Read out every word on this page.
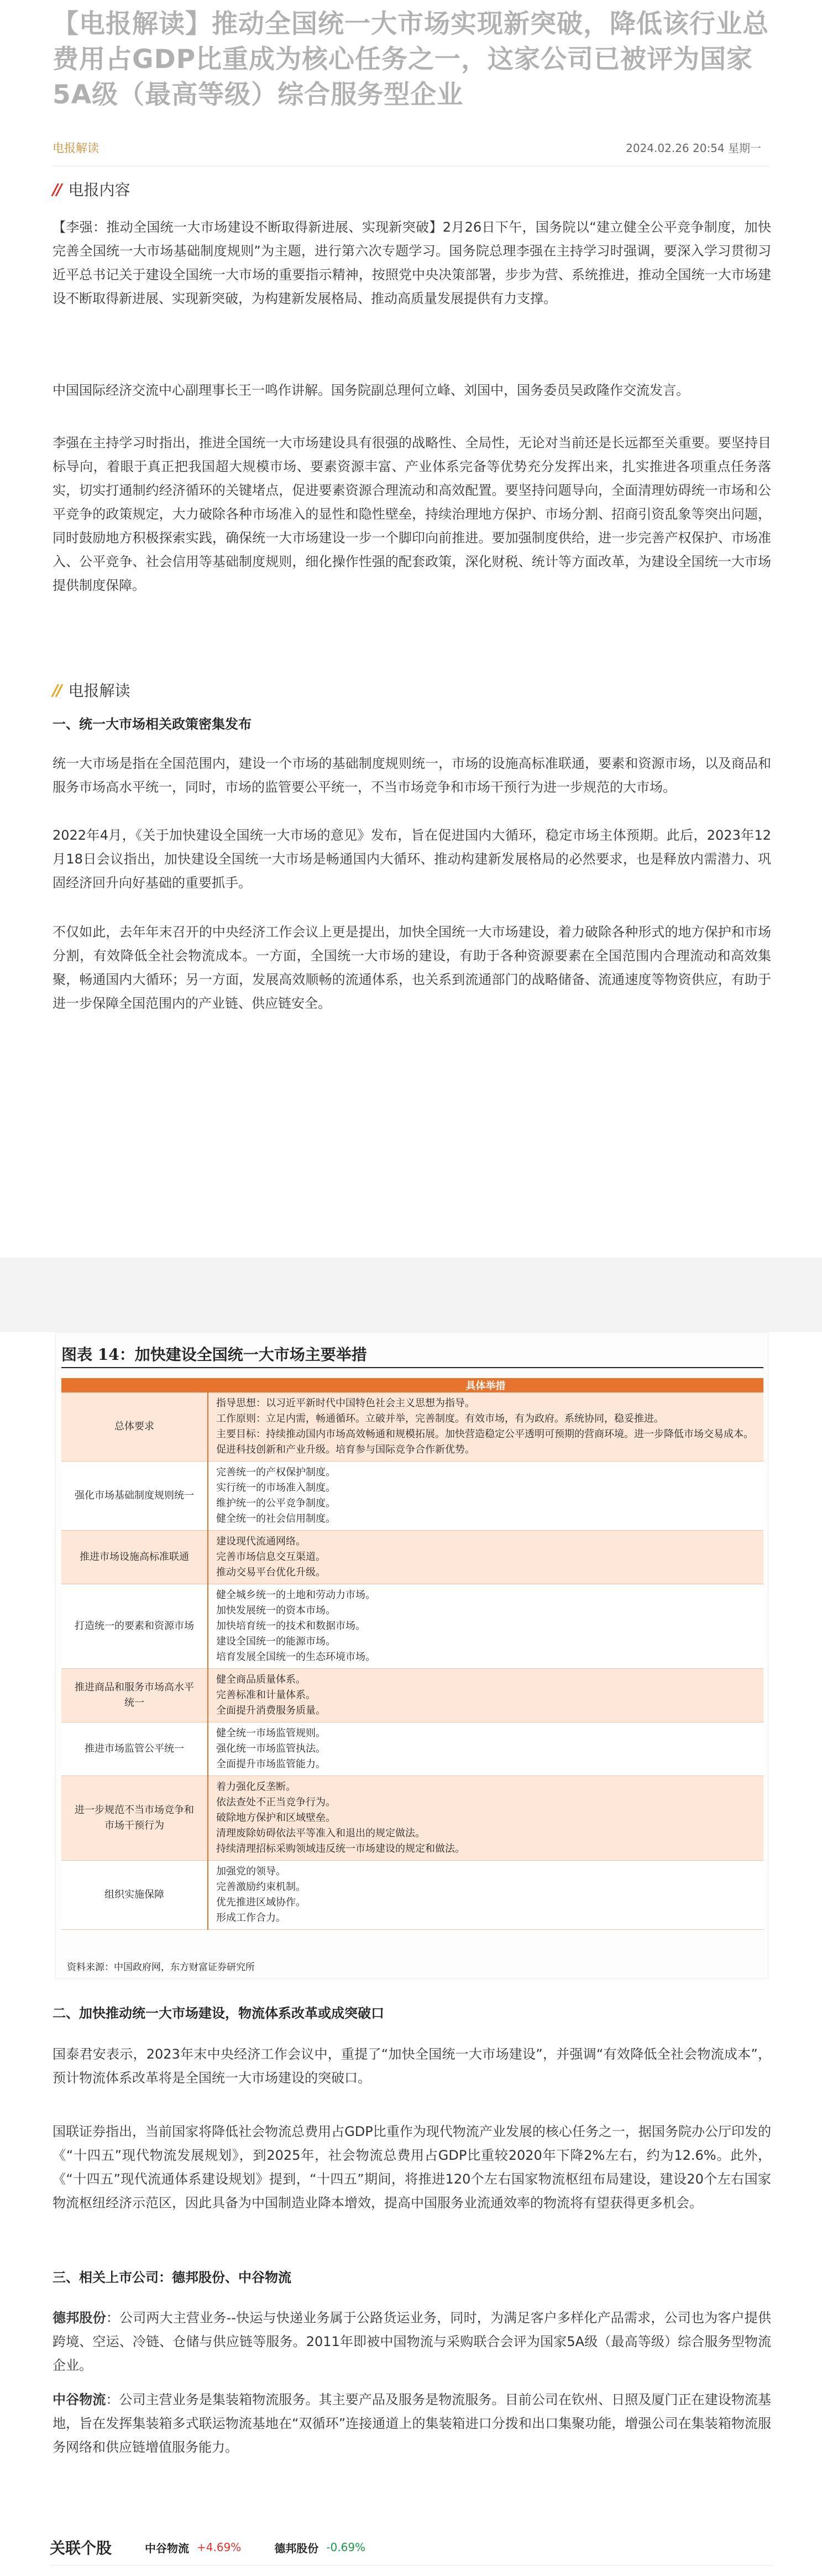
【电报解读】推动全国统一大市场实现新突破，降低该行业总费用占GDP比重成为核心任务之一，这家公司已被评为国家5A级（最高等级）综合服务型企业
电报解读	2024.02.26 20:54 星期一
// 电报内容

【李强：推动全国统一大市场建设不断取得新进展、实现新突破】2月26日下午，国务院以“建立健全公平竞争制度，加快完善全国统一大市场基础制度规则”为主题，进行第六次专题学习。国务院总理李强在主持学习时强调，要深入学习贯彻习近平总书记关于建设全国统一大市场的重要指示精神，按照党中央决策部署，步步为营、系统推进，推动全国统一大市场建设不断取得新进展、实现新突破，为构建新发展格局、推动高质量发展提供有力支撑。

中国国际经济交流中心副理事长王一鸣作讲解。国务院副总理何立峰、刘国中，国务委员吴政隆作交流发言。

李强在主持学习时指出，推进全国统一大市场建设具有很强的战略性、全局性，无论对当前还是长远都至关重要。要坚持目标导向，着眼于真正把我国超大规模市场、要素资源丰富、产业体系完备等优势充分发挥出来，扎实推进各项重点任务落实，切实打通制约经济循环的关键堵点，促进要素资源合理流动和高效配置。要坚持问题导向，全面清理妨碍统一市场和公平竞争的政策规定，大力破除各种市场准入的显性和隐性壁垒，持续治理地方保护、市场分割、招商引资乱象等突出问题，同时鼓励地方积极探索实践，确保统一大市场建设一步一个脚印向前推进。要加强制度供给，进一步完善产权保护、市场准入、公平竞争、社会信用等基础制度规则，细化操作性强的配套政策，深化财税、统计等方面改革，为建设全国统一大市场提供制度保障。

// 电报解读
一、统一大市场相关政策密集发布

统一大市场是指在全国范围内，建设一个市场的基础制度规则统一，市场的设施高标准联通，要素和资源市场，以及商品和服务市场高水平统一，同时，市场的监管要公平统一，不当市场竞争和市场干预行为进一步规范的大市场。

2022年4月，《关于加快建设全国统一大市场的意见》发布，旨在促进国内大循环，稳定市场主体预期。此后，2023年12月18日会议指出，加快建设全国统一大市场是畅通国内大循环、推动构建新发展格局的必然要求，也是释放内需潜力、巩固经济回升向好基础的重要抓手。

不仅如此，去年年末召开的中央经济工作会议上更是提出，加快全国统一大市场建设，着力破除各种形式的地方保护和市场分割，有效降低全社会物流成本。一方面，全国统一大市场的建设，有助于各种资源要素在全国范围内合理流动和高效集聚，畅通国内大循环；另一方面，发展高效顺畅的流通体系，也关系到流通部门的战略储备、流通速度等物资供应，有助于进一步保障全国范围内的产业链、供应链安全。

图表 14：加快建设全国统一大市场主要举措
	具体举措
总体要求	指导思想：以习近平新时代中国特色社会主义思想为指导。
工作原则：立足内需，畅通循环。立破并举，完善制度。有效市场，有为政府。系统协同，稳妥推进。
主要目标：持续推动国内市场高效畅通和规模拓展。加快营造稳定公平透明可预期的营商环境。进一步降低市场交易成本。促进科技创新和产业升级。培育参与国际竞争合作新优势。

强化市场基础制度规则统一	完善统一的产权保护制度。
实行统一的市场准入制度。
维护统一的公平竞争制度。
健全统一的社会信用制度。

推进市场设施高标准联通	建设现代流通网络。
完善市场信息交互渠道。
推动交易平台优化升级。

打造统一的要素和资源市场	健全城乡统一的土地和劳动力市场。
加快发展统一的资本市场。
加快培育统一的技术和数据市场。
建设全国统一的能源市场。
培育发展全国统一的生态环境市场。

推进商品和服务市场高水平统一	健全商品质量体系。
完善标准和计量体系。
全面提升消费服务质量。

推进市场监管公平统一	健全统一市场监管规则。
强化统一市场监管执法。
全面提升市场监管能力。

进一步规范不当市场竞争和市场干预行为	着力强化反垄断。
依法查处不正当竞争行为。
破除地方保护和区域壁垒。
清理废除妨碍依法平等准入和退出的规定做法。
持续清理招标采购领域违反统一市场建设的规定和做法。

组织实施保障	加强党的领导。
完善激励约束机制。
优先推进区域协作。
形成工作合力。
资料来源：中国政府网，东方财富证券研究所
二、加快推动统一大市场建设，物流体系改革或成突破口

国泰君安表示，2023年末中央经济工作会议中，重提了“加快全国统一大市场建设”，并强调“有效降低全社会物流成本”，预计物流体系改革将是全国统一大市场建设的突破口。

国联证券指出，当前国家将降低社会物流总费用占GDP比重作为现代物流产业发展的核心任务之一，据国务院办公厅印发的《“十四五”现代物流发展规划》，到2025年，社会物流总费用占GDP比重较2020年下降2%左右，约为12.6%。此外，《“十四五”现代流通体系建设规划》提到，“十四五”期间，将推进120个左右国家物流枢纽布局建设，建设20个左右国家物流枢纽经济示范区，因此具备为中国制造业降本增效，提高中国服务业流通效率的物流将有望获得更多机会。

三、相关上市公司：德邦股份、中谷物流

德邦股份：公司两大主营业务--快运与快递业务属于公路货运业务，同时，为满足客户多样化产品需求，公司也为客户提供跨境、空运、冷链、仓储与供应链等服务。2011年即被中国物流与采购联合会评为国家5A级（最高等级）综合服务型物流企业。

中谷物流：公司主营业务是集装箱物流服务。其主要产品及服务是物流服务。目前公司在钦州、日照及厦门正在建设物流基地，旨在发挥集装箱多式联运物流基地在“双循环”连接通道上的集装箱进口分拨和出口集聚功能，增强公司在集装箱物流服务网络和供应链增值服务能力。

关联个股	中谷物流 +4.69%	德邦股份 -0.69%
